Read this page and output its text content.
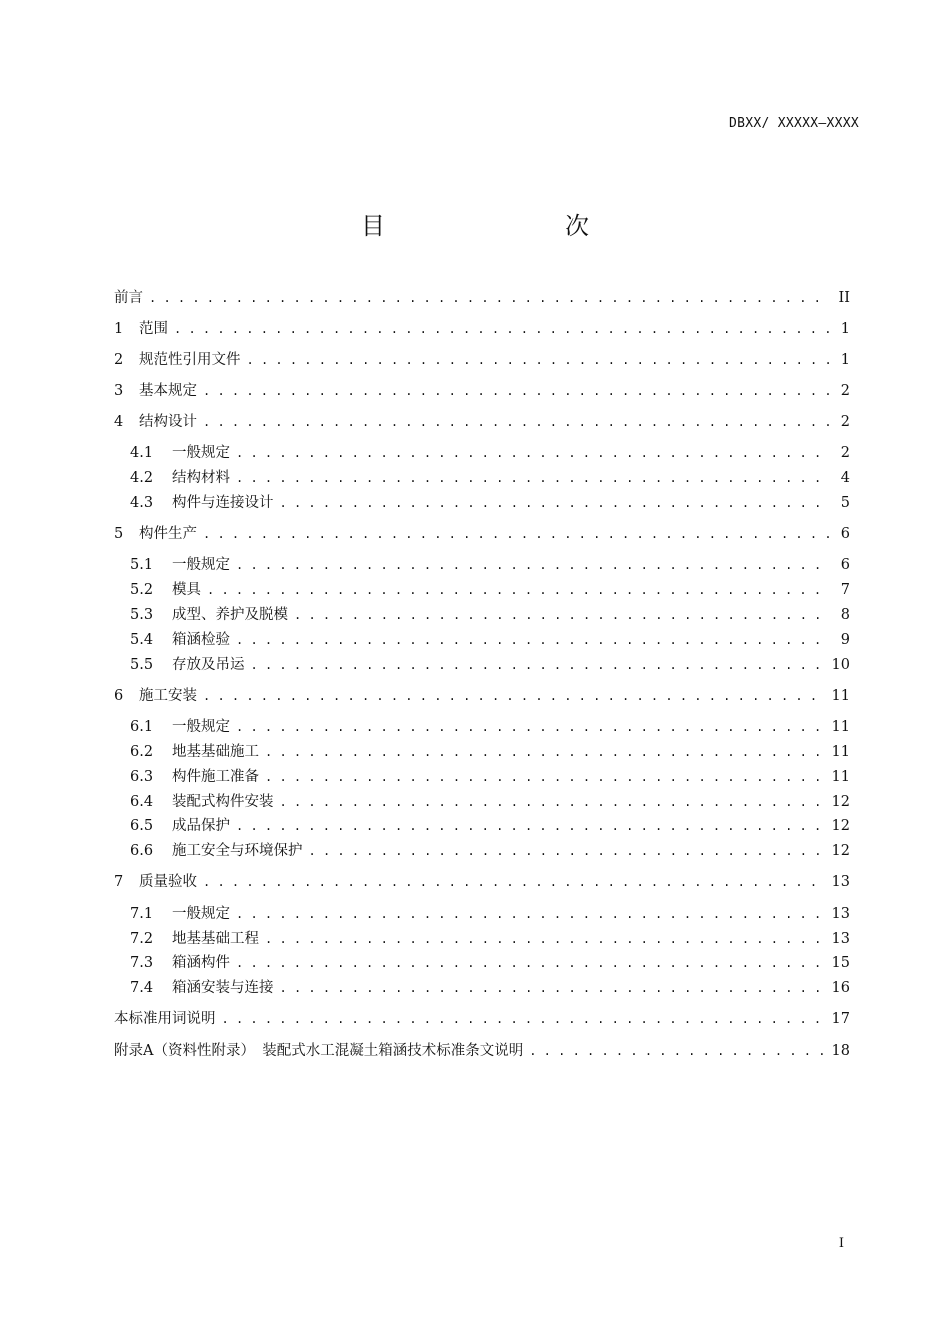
DBXX/ XXXXX—XXXX
目　　次
前言 . . .	II
1	范围 . . .	1
2	规范性引用文件 . . .	1
3	基本规定 . . .	2
4	结构设计 . . .	2
4.1	一般规定 . . .	2
4.2	结构材料 . . .	4
4.3	构件与连接设计 . . .	5
5	构件生产 . . .	6
5.1	一般规定 . . .	6
5.2	模具 . . .	7
5.3	成型、养护及脱模 . . .	8
5.4	箱涵检验 . . .	9
5.5	存放及吊运 . . .	10
6	施工安装 . . .	11
6.1	一般规定 . . .	11
6.2	地基基础施工 . . .	11
6.3	构件施工准备 . . .	11
6.4	装配式构件安装 . . .	12
6.5	成品保护 . . .	12
6.6	施工安全与环境保护 . . .	12
7	质量验收 . . .	13
7.1	一般规定 . . .	13
7.2	地基基础工程 . . .	13
7.3	箱涵构件 . . .	15
7.4	箱涵安装与连接 . . .	16
本标准用词说明 . . .	17
附录A（资料性附录）　装配式水工混凝土箱涵技术标准条文说明 . . .	18
I
